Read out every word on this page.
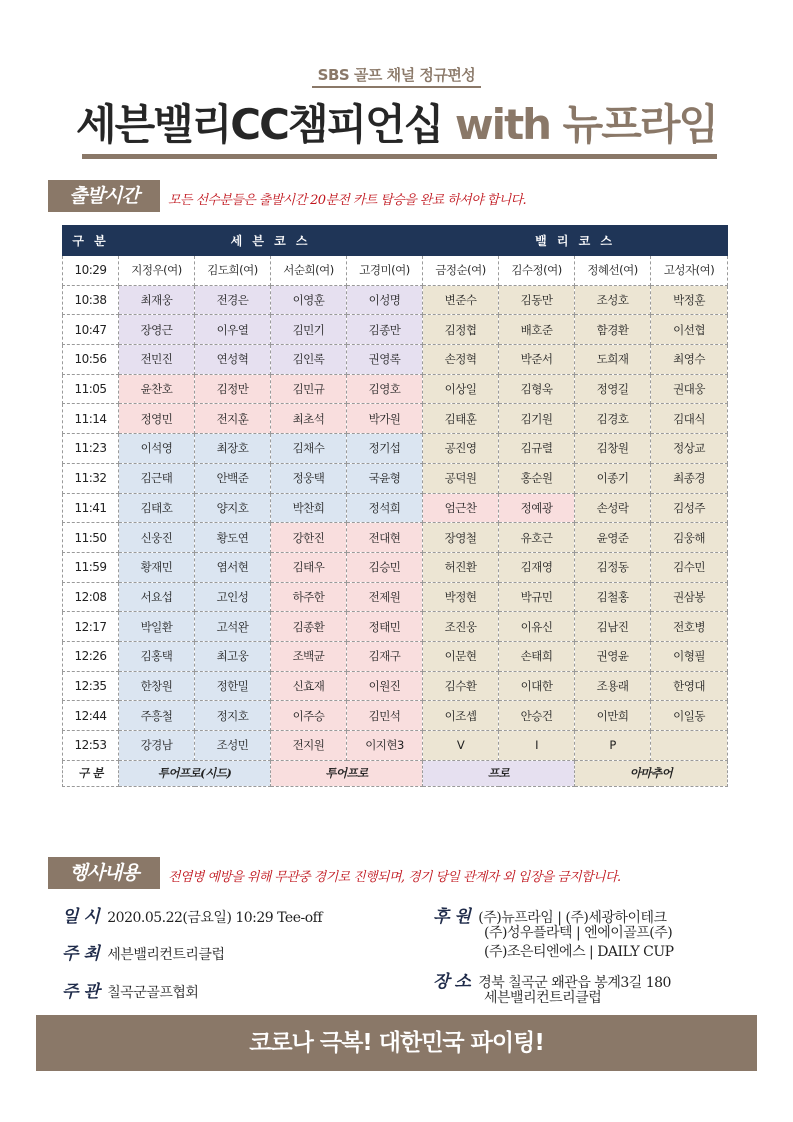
SBS 골프 채널 정규편성
세븐밸리CC챔피언십 with 뉴프라임
출발시간	모든 선수분들은 출발시간 20분전 카트 탑승을 완료 하셔야 합니다.
구 분	세 븐 코 스				밸 리 코 스			
10:29	지정우(여)	김도희(여)	서순희(여)	고경미(여)	금정순(여)	김수정(여)	정혜선(여)	고성자(여)
10:38	최재웅	전경은	이영훈	이성명	변준수	김동만	조성호	박정훈
10:47	장영근	이우열	김민기	김종만	김정협	배호준	함경환	이선협
10:56	전민진	연성혁	김인록	권영록	손정혁	박준서	도희재	최영수
11:05	윤찬호	김정만	김민규	김영호	이상일	김형욱	정영길	권대웅
11:14	정영민	전지훈	최초석	박가원	김태훈	김기원	김경호	김대식
11:23	이석영	최장호	김채수	정기섭	공진영	김규렬	김창원	정상교
11:32	김근태	안백준	정웅택	국윤형	공덕원	홍순원	이종기	최종경
11:41	김태호	양지호	박찬희	정석희	엄근찬	정예광	손성락	김성주
11:50	신웅진	황도연	강한진	전대현	장영철	유호근	윤영준	김웅해
11:59	황재민	염서현	김태우	김승민	허진환	김재영	김정동	김수민
12:08	서요섭	고인성	하주한	전제원	박정현	박규민	김철홍	권삼봉
12:17	박일환	고석완	김종환	정태민	조진웅	이유신	김남진	전호병
12:26	김홍택	최고웅	조백균	김재구	이문현	손태희	권영윤	이형필
12:35	한창원	정한밀	신효재	이원진	김수환	이대한	조용래	한영대
12:44	주흥철	정지호	이주승	김민석	이조셉	안승건	이만희	이일동
12:53	강경남	조성민	전지원	이지현3	V	I	P	
구 분	투어프로(시드)		투어프로		프로		아마추어	
행사내용	전염병 예방을 위해 무관중 경기로 진행되며, 경기 당일 관계자 외 입장을 금지합니다.
일 시 2020.05.22(금요일) 10:29 Tee-off
주 최 세븐밸리컨트리클럽
주 관 칠곡군골프협회
후 원 (주)뉴프라임 | (주)세광하이테크
(주)성우플라텍 | 엔에이골프(주)
(주)조은티엔에스 | DAILY CUP
장 소 경북 칠곡군 왜관읍 봉계3길 180
세븐밸리컨트리클럽
코로나 극복! 대한민국 파이팅!
